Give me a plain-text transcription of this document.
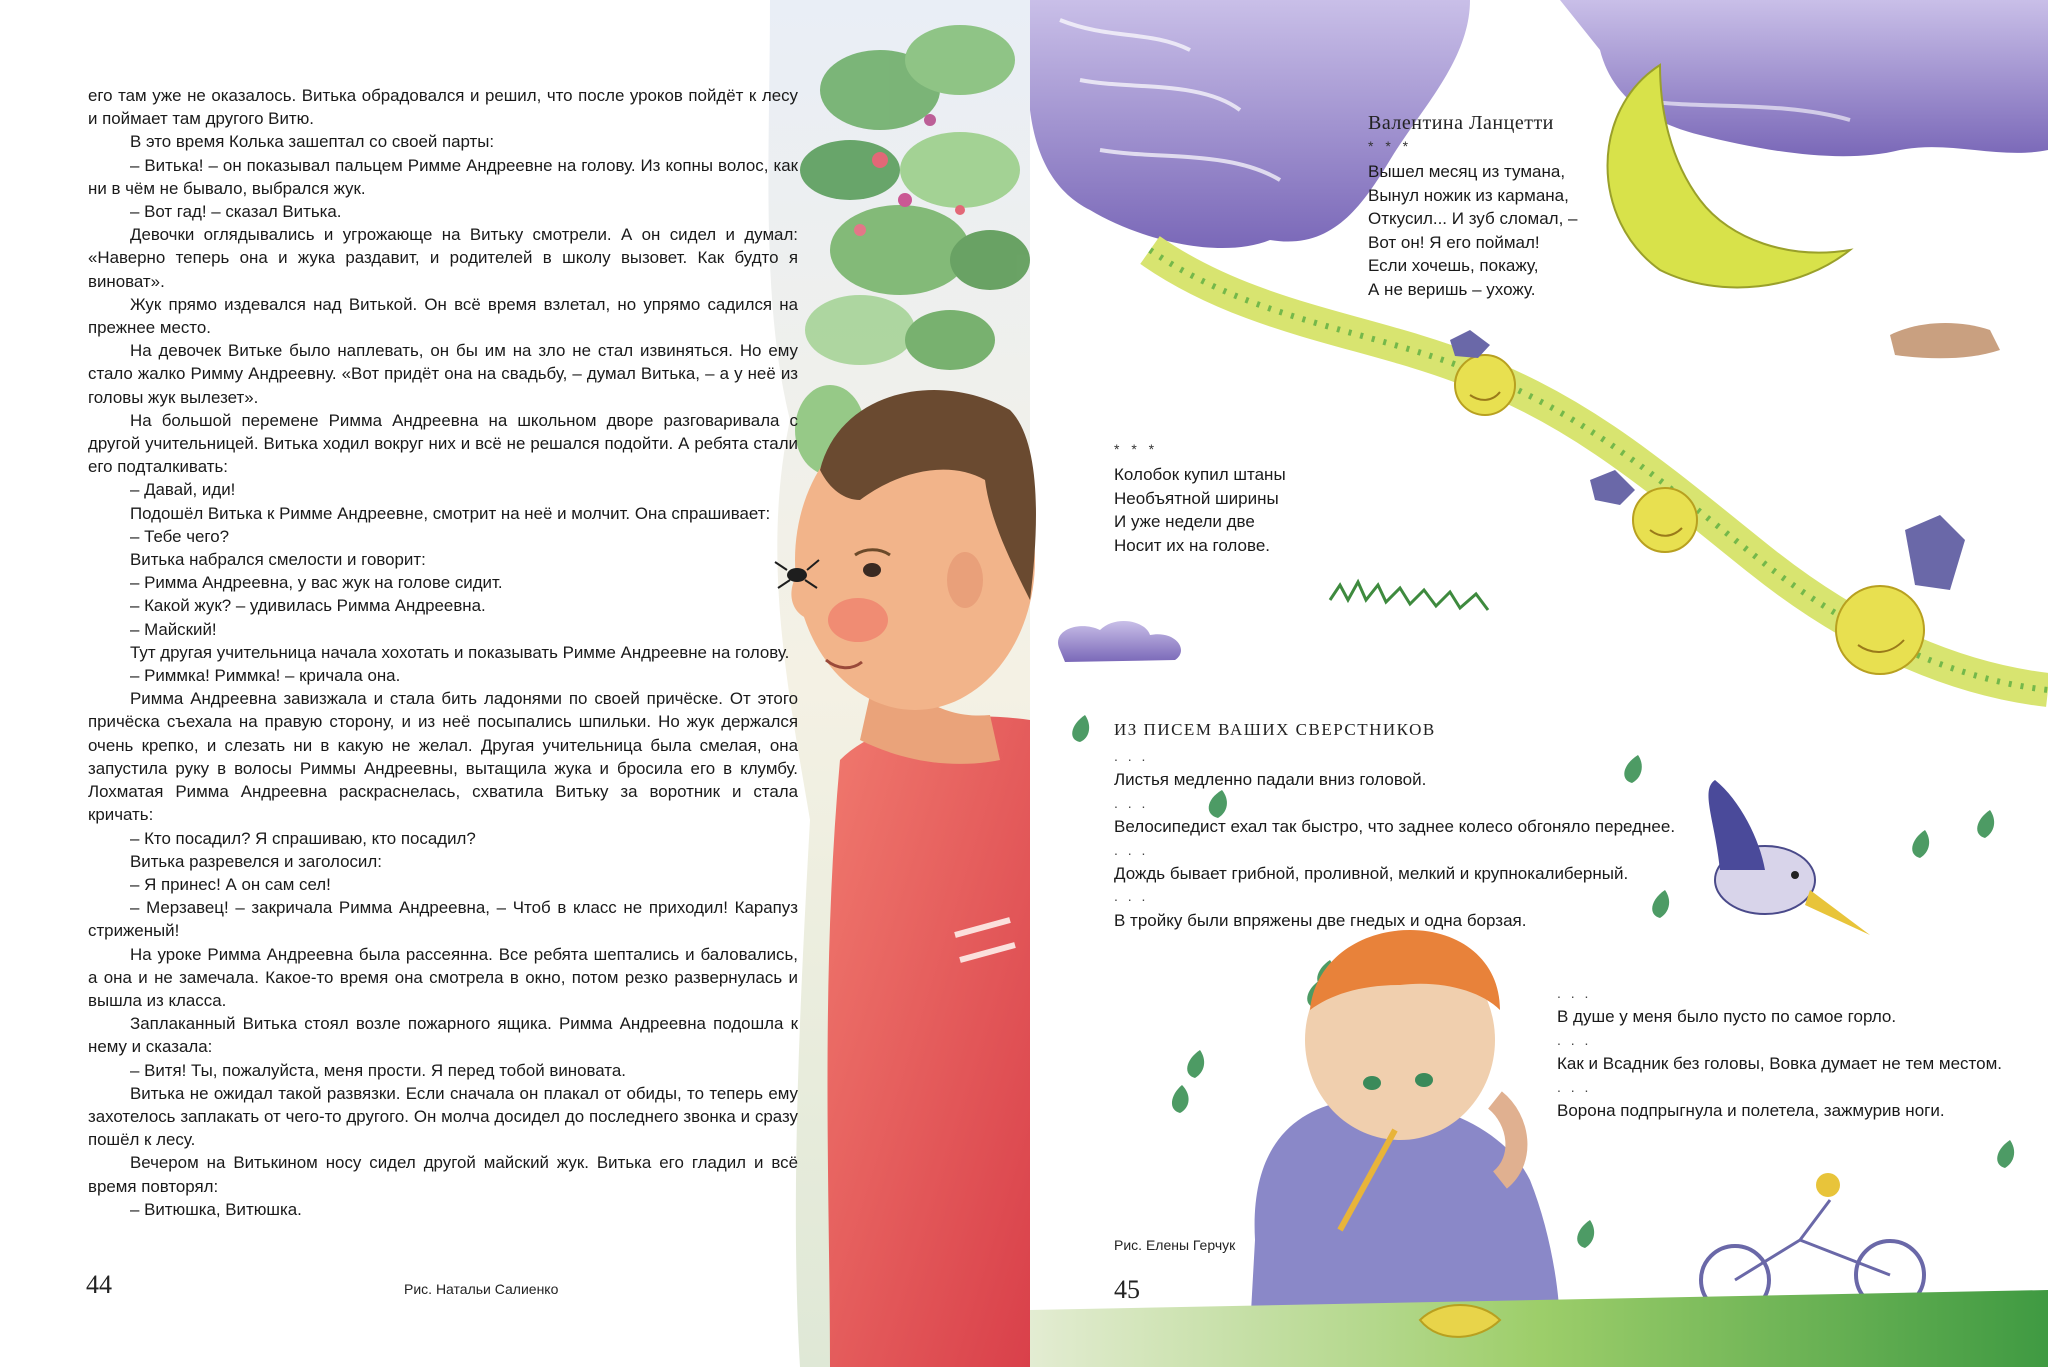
его там уже не оказалось. Витька обрадовался и решил, что после уроков пойдёт к лесу и поймает там другого Витю.

В это время Колька зашептал со своей парты:

– Витька! – он показывал пальцем Римме Андреевне на голову. Из копны волос, как ни в чём не бывало, выбрался жук.

– Вот гад! – сказал Витька.

Девочки оглядывались и угрожающе на Витьку смотрели. А он сидел и думал: «Наверно теперь она и жука раздавит, и родителей в школу вызовет. Как будто я виноват».

Жук прямо издевался над Витькой. Он всё время взлетал, но упрямо садился на прежнее место.

На девочек Витьке было наплевать, он бы им на зло не стал извиняться. Но ему стало жалко Римму Андреевну. «Вот придёт она на свадьбу, – думал Витька, – а у неё из головы жук вылезет».

На большой перемене Римма Андреевна на школьном дворе разговаривала с другой учительницей. Витька ходил вокруг них и всё не решался подойти. А ребята стали его подталкивать:

– Давай, иди!

Подошёл Витька к Римме Андреевне, смотрит на неё и молчит. Она спрашивает:

– Тебе чего?

Витька набрался смелости и говорит:

– Римма Андреевна, у вас жук на голове сидит.

– Какой жук? – удивилась Римма Андреевна.

– Майский!

Тут другая учительница начала хохотать и показывать Римме Андреевне на голову.

– Риммка! Риммка! – кричала она.

Римма Андреевна завизжала и стала бить ладонями по своей причёске. От этого причёска съехала на правую сторону, и из неё посыпались шпильки. Но жук держался очень крепко, и слезать ни в какую не желал. Другая учительница была смелая, она запустила руку в волосы Риммы Андреевны, вытащила жука и бросила его в клумбу. Лохматая Римма Андреевна раскраснелась, схватила Витьку за воротник и стала кричать:

– Кто посадил? Я спрашиваю, кто посадил?

Витька разревелся и заголосил:

– Я принес! А он сам сел!

– Мерзавец! – закричала Римма Андреевна, – Чтоб в класс не приходил! Карапуз стриженый!

На уроке Римма Андреевна была рассеянна. Все ребята шептались и баловались, а она и не замечала. Какое-то время она смотрела в окно, потом резко развернулась и вышла из класса.

Заплаканный Витька стоял возле пожарного ящика. Римма Андреевна подошла к нему и сказала:

– Витя! Ты, пожалуйста, меня прости. Я перед тобой виновата.

Витька не ожидал такой развязки. Если сначала он плакал от обиды, то теперь ему захотелось заплакать от чего-то другого. Он молча досидел до последнего звонка и сразу пошёл к лесу.

Вечером на Витькином носу сидел другой майский жук. Витька его гладил и всё время повторял:

– Витюшка, Витюшка.

44	Рис. Натальи Салиенко
Валентина Ланцетти
* * *
Вышел месяц из тумана,
Вынул ножик из кармана,
Откусил... И зуб сломал, –
Вот он! Я его поймал!
Если хочешь, покажу,
А не веришь – ухожу.
* * *
Колобок купил штаны
Необъятной ширины
И уже недели две
Носит их на голове.
ИЗ ПИСЕМ ВАШИХ СВЕРСТНИКОВ
. . .
Листья медленно падали вниз головой.
. . .
Велосипедист ехал так быстро, что заднее колесо обгоняло переднее.
. . .
Дождь бывает грибной, проливной, мелкий и крупнокалиберный.
. . .
В тройку были впряжены две гнедых и одна борзая.
. . .
В душе у меня было пусто по самое горло.
. . .
Как и Всадник без головы, Вовка думает не тем местом.
. . .
Ворона подпрыгнула и полетела, зажмурив ноги.
Рис. Елены Герчук
45
